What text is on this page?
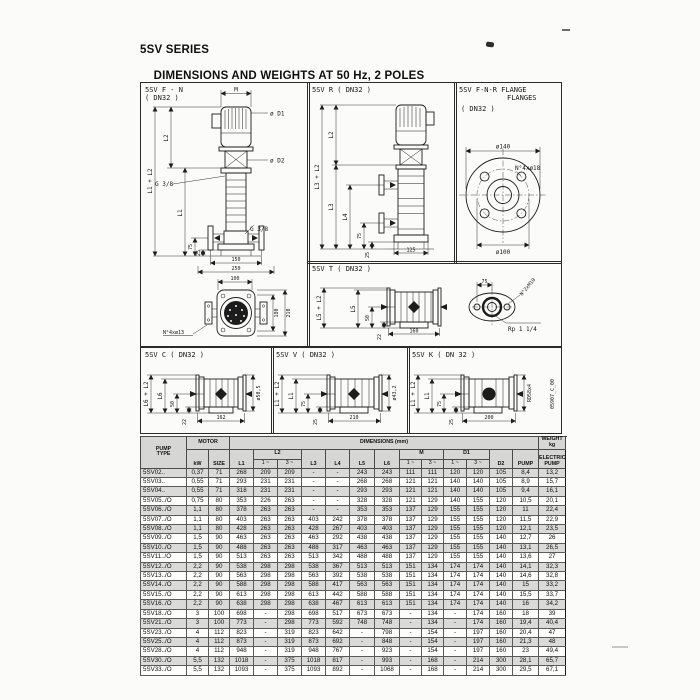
5SV SERIES

DIMENSIONS AND WEIGHTS AT 50 Hz, 2 POLES
5SV F - N
( DN32 )
M
ø D1
ø D2
G 3/8
G 3/8
L2
L1 + L2
L1
75
25
150
250
100
N°4xø13
180 210
5SV R ( DN32 )
L3 + L2
L2
L3
L4
75
25
125
5SV F-N-R FLANGE
FLANGES
( DN32 )
ø140
N°4xø18
ø100
5SV T ( DN32 )
L5 + L2	L5
50
22
160
75	N°2xM10
Rp 1 1/4
5SV C ( DN32 )
L6 + L2 L6
50
22
162
ø50,5
5SV V ( DN32 )
L1 + L2 L1
75
25
210
ø43,2
5SV K ( DN 32 )
L1 + L2 L1
75
25
200
RD58x4	05907_C_00
PUMP
TYPE	MOTOR		DIMENSIONS (mm)													WEIGHT kg
	kW	SIZE	L1	L2		L3	L4	L5	L6	M		D1		D2	PUMP	ELECTRIC
PUMP

				1 ~	3 ~					1 ~	3 ~	1 ~	3 ~			
5SV02..	0,37	71	268	209	209	-	-	243	243	111	111	120	120	105	8,4	13,2
5SV03..	0,55	71	293	231	231	-	-	268	268	121	121	140	140	105	8,9	15,7
5SV04..	0,55	71	318	231	231	-	-	293	293	121	121	140	140	105	9,4	16,1
5SV05../O	0,75	80	353	226	263	-	-	328	328	121	129	140	155	120	10,5	20,1
5SV06../O	1,1	80	378	263	263	-	-	353	353	137	129	155	155	120	11	22,4
5SV07../O	1,1	80	403	263	263	403	242	378	378	137	129	155	155	120	11,5	22,9
5SV08../O	1,1	80	428	263	263	428	267	403	403	137	129	155	155	120	12,1	23,5
5SV09../O	1,5	90	463	263	263	463	292	438	438	137	129	155	155	140	12,7	26
5SV10../O	1,5	90	488	263	263	488	317	463	463	137	129	155	155	140	13,1	26,5
5SV11../O	1,5	90	513	263	263	513	342	488	488	137	129	155	155	140	13,6	27
5SV12../O	2,2	90	538	298	298	538	367	513	513	151	134	174	174	140	14,1	32,3
5SV13../O	2,2	90	563	298	298	563	392	538	538	151	134	174	174	140	14,6	32,8
5SV14../O	2,2	90	588	298	298	588	417	563	563	151	134	174	174	140	15	33,2
5SV15../O	2,2	90	613	298	298	613	442	588	588	151	134	174	174	140	15,5	33,7
5SV16../O	2,2	90	638	298	298	638	467	613	613	151	134	174	174	140	16	34,2
5SV18../O	3	100	698	-	298	698	517	673	673	-	134	-	174	160	18	39
5SV21../O	3	100	773	-	298	773	592	748	748	-	134	-	174	160	19,4	40,4
5SV23../O	4	112	823	-	319	823	642	-	798	-	154	-	197	160	20,4	47
5SV25../O	4	112	873	-	319	873	692	-	848	-	154	-	197	160	21,3	48
5SV28../O	4	112	948	-	319	948	767	-	923	-	154	-	197	160	23	49,4
5SV30../O	5,5	132	1018	-	375	1018	817	-	993	-	168	-	214	300	28,1	65,7
5SV33../O	5,5	132	1093	-	375	1093	892	-	1068	-	168	-	214	300	29,5	67,1
